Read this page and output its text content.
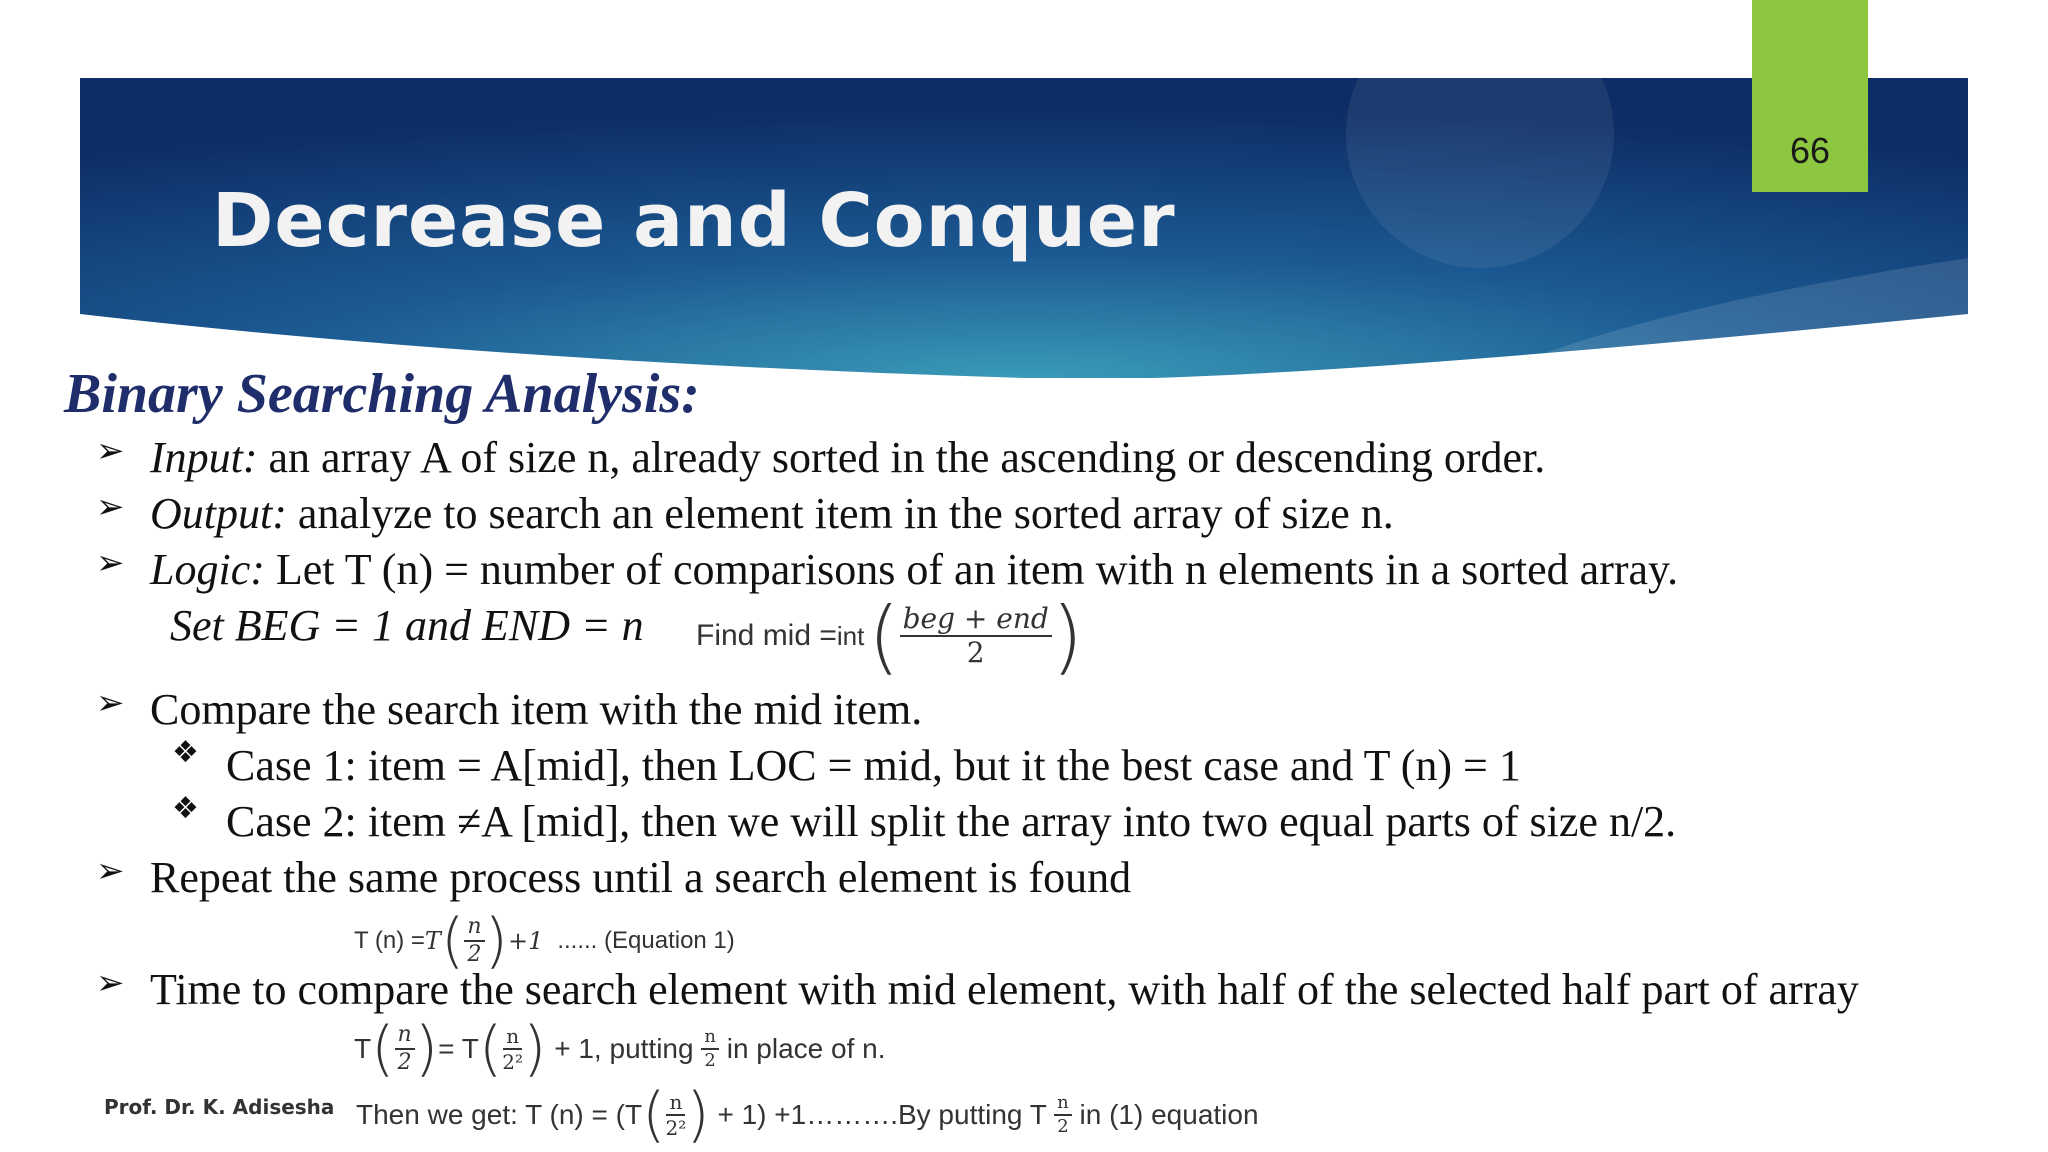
Decrease and Conquer
66
Binary Searching Analysis:
➢ Input: an array A of size n, already sorted in the ascending or descending order.
➢ Output: analyze to search an element item in the sorted array of size n.
➢ Logic: Let T (n) = number of comparisons of an item with n elements in a sorted array.
Set BEG = 1 and END = n Find mid = int ( $\frac{\text{beg + end}}{2}$ )
➢ Compare the search item with the mid item.
❖ Case 1: item = A[mid], then LOC = mid, but it the best case and T (n) = 1
❖ Case 2: item ≠A [mid], then we will split the array into two equal parts of size n/2.
➢ Repeat the same process until a search element is found
T (n) = T ( $\frac{n}{2}$ ) +1 ...... (Equation 1)
➢ Time to compare the search element with mid element, with half of the selected half part of array
T ( $\frac{n}{2}$ ) = T ( $\frac{n}{\text{2²}}$ ) + 1, putting $\frac{n}{2}$ in place of n.
Then we get: T (n) = (T ( $\frac{n}{\text{2²}}$ ) + 1) +1……….By putting T $\frac{n}{2}$ in (1) equation
Prof. Dr. K. Adisesha
